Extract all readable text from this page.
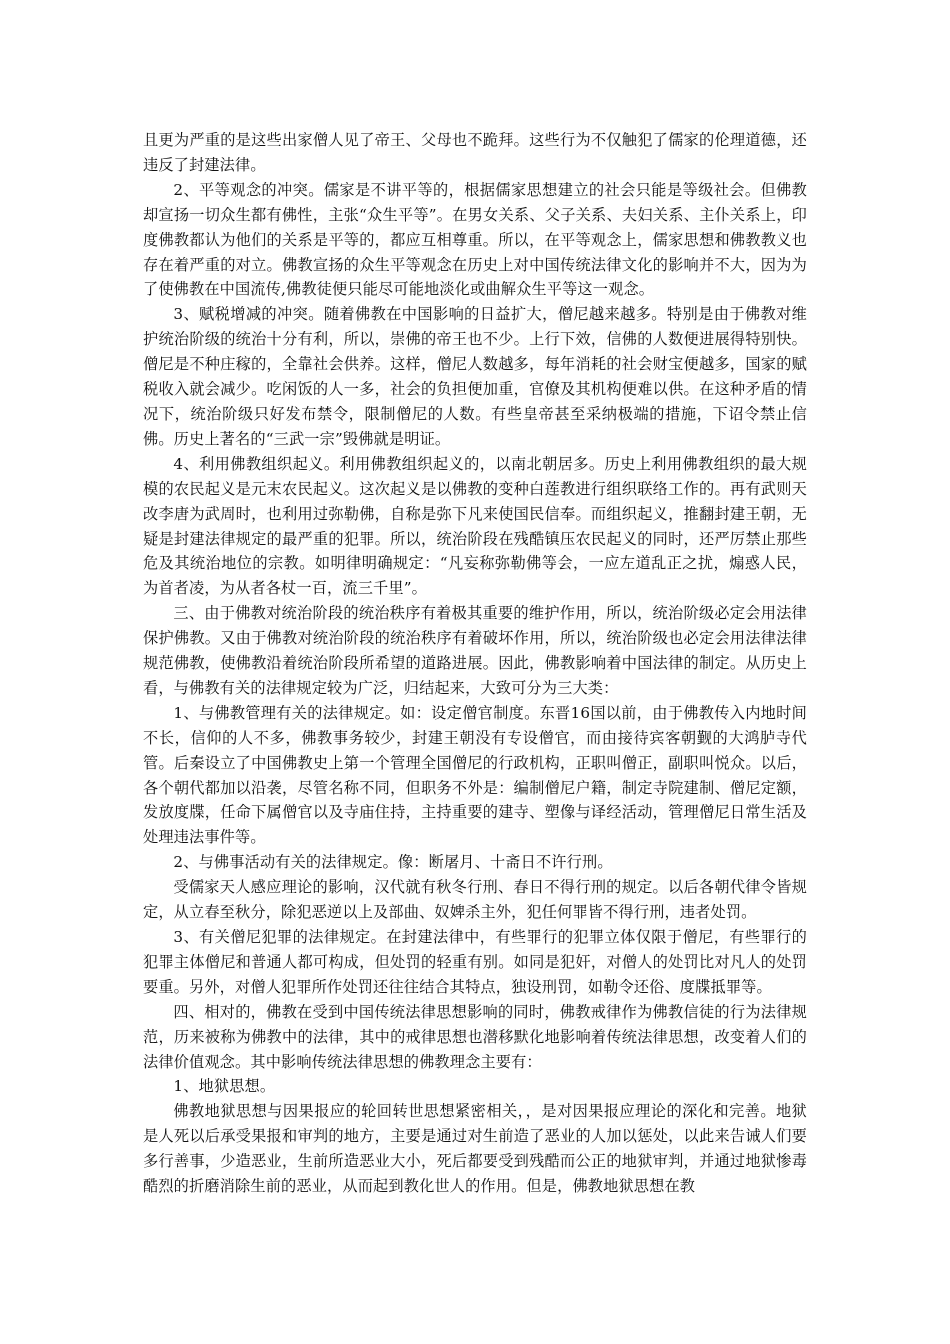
且更为严重的是这些出家僧人见了帝王、父母也不跪拜。这些行为不仅触犯了儒家的伦理道德，还违反了封建法律。

2、平等观念的冲突。儒家是不讲平等的，根据儒家思想建立的社会只能是等级社会。但佛教却宣扬一切众生都有佛性，主张“众生平等”。在男女关系、父子关系、夫妇关系、主仆关系上，印度佛教都认为他们的关系是平等的，都应互相尊重。所以，在平等观念上，儒家思想和佛教教义也存在着严重的对立。佛教宣扬的众生平等观念在历史上对中国传统法律文化的影响并不大，因为为了使佛教在中国流传,佛教徒便只能尽可能地淡化或曲解众生平等这一观念。

3、赋税增减的冲突。随着佛教在中国影响的日益扩大，僧尼越来越多。特别是由于佛教对维护统治阶级的统治十分有利，所以，崇佛的帝王也不少。上行下效，信佛的人数便进展得特别快。僧尼是不种庄稼的，全靠社会供养。这样，僧尼人数越多，每年消耗的社会财宝便越多，国家的赋税收入就会减少。吃闲饭的人一多，社会的负担便加重，官僚及其机构便难以供。在这种矛盾的情况下，统治阶级只好发布禁令，限制僧尼的人数。有些皇帝甚至采纳极端的措施，下诏令禁止信佛。历史上著名的“三武一宗”毁佛就是明证。

4、利用佛教组织起义。利用佛教组织起义的，以南北朝居多。历史上利用佛教组织的最大规模的农民起义是元末农民起义。这次起义是以佛教的变种白莲教进行组织联络工作的。再有武则天改李唐为武周时，也利用过弥勒佛，自称是弥下凡来使国民信奉。而组织起义，推翻封建王朝，无疑是封建法律规定的最严重的犯罪。所以，统治阶段在残酷镇压农民起义的同时，还严厉禁止那些危及其统治地位的宗教。如明律明确规定：“凡妄称弥勒佛等会，一应左道乱正之扰，煽惑人民，为首者凌，为从者各杖一百，流三千里”。

三、由于佛教对统治阶段的统治秩序有着极其重要的维护作用，所以，统治阶级必定会用法律保护佛教。又由于佛教对统治阶段的统治秩序有着破坏作用，所以，统治阶级也必定会用法律法律规范佛教，使佛教沿着统治阶段所希望的道路进展。因此，佛教影响着中国法律的制定。从历史上看，与佛教有关的法律规定较为广泛，归结起来，大致可分为三大类：

1、与佛教管理有关的法律规定。如：设定僧官制度。东晋16国以前，由于佛教传入内地时间不长，信仰的人不多，佛教事务较少，封建王朝没有专设僧官，而由接待宾客朝觐的大鸿胪寺代管。后秦设立了中国佛教史上第一个管理全国僧尼的行政机构，正职叫僧正，副职叫悦众。以后，各个朝代都加以沿袭，尽管名称不同，但职务不外是：编制僧尼户籍，制定寺院建制、僧尼定额，发放度牒，任命下属僧官以及寺庙住持，主持重要的建寺、塑像与译经活动，管理僧尼日常生活及处理违法事件等。

2、与佛事活动有关的法律规定。像：断屠月、十斋日不许行刑。

受儒家天人感应理论的影响，汉代就有秋冬行刑、春日不得行刑的规定。以后各朝代律令皆规定，从立春至秋分，除犯恶逆以上及部曲、奴婢杀主外，犯任何罪皆不得行刑，违者处罚。

3、有关僧尼犯罪的法律规定。在封建法律中，有些罪行的犯罪立体仅限于僧尼，有些罪行的犯罪主体僧尼和普通人都可构成，但处罚的轻重有别。如同是犯奸，对僧人的处罚比对凡人的处罚要重。另外，对僧人犯罪所作处罚还往往结合其特点，独设刑罚，如勒令还俗、度牒抵罪等。

四、相对的，佛教在受到中国传统法律思想影响的同时，佛教戒律作为佛教信徒的行为法律规范，历来被称为佛教中的法律，其中的戒律思想也潜移默化地影响着传统法律思想，改变着人们的法律价值观念。其中影响传统法律思想的佛教理念主要有：

1、地狱思想。

佛教地狱思想与因果报应的轮回转世思想紧密相关，，是对因果报应理论的深化和完善。地狱是人死以后承受果报和审判的地方，主要是通过对生前造了恶业的人加以惩处，以此来告诫人们要多行善事，少造恶业，生前所造恶业大小，死后都要受到残酷而公正的地狱审判，并通过地狱惨毒酷烈的折磨消除生前的恶业，从而起到教化世人的作用。但是，佛教地狱思想在教
